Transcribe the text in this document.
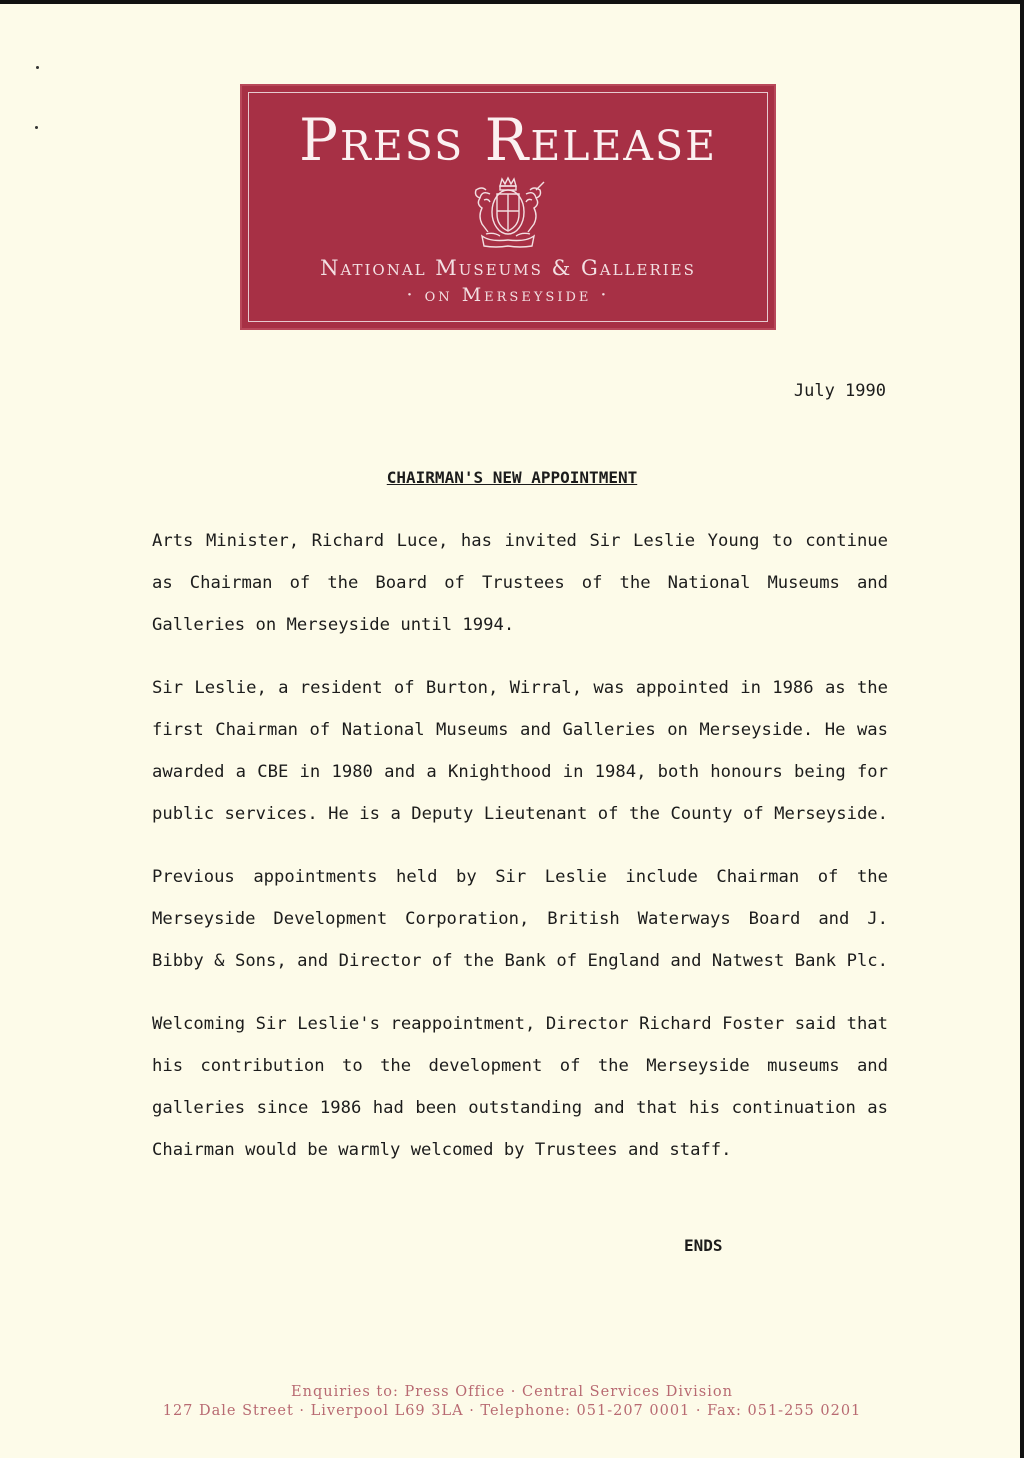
Press Release
National Museums & Galleries
· on Merseyside ·
July 1990
CHAIRMAN'S NEW APPOINTMENT
Arts Minister, Richard Luce, has invited Sir Leslie Young to continue
as Chairman of the Board of Trustees of the National Museums and
Galleries on Merseyside until 1994.
Sir Leslie, a resident of Burton, Wirral, was appointed in 1986 as the
first Chairman of National Museums and Galleries on Merseyside. He was
awarded a CBE in 1980 and a Knighthood in 1984, both honours being for
public services. He is a Deputy Lieutenant of the County of Merseyside.
Previous appointments held by Sir Leslie include Chairman of the
Merseyside Development Corporation, British Waterways Board and J.
Bibby & Sons, and Director of the Bank of England and Natwest Bank Plc.
Welcoming Sir Leslie's reappointment, Director Richard Foster said that
his contribution to the development of the Merseyside museums and
galleries since 1986 had been outstanding and that his continuation as
Chairman would be warmly welcomed by Trustees and staff.
ENDS
Enquiries to: Press Office · Central Services Division
127 Dale Street · Liverpool L69 3LA · Telephone: 051-207 0001 · Fax: 051-255 0201
